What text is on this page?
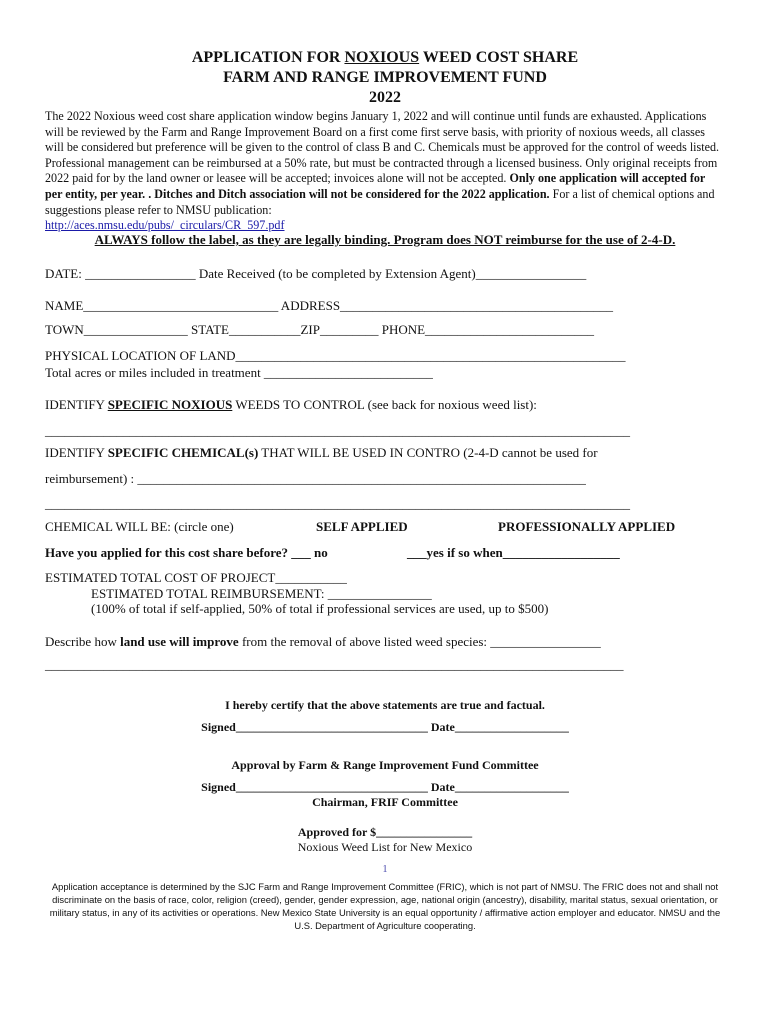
APPLICATION FOR NOXIOUS WEED COST SHARE
FARM AND RANGE IMPROVEMENT FUND
2022
The 2022 Noxious weed cost share application window begins January 1, 2022 and will continue until funds are exhausted. Applications will be reviewed by the Farm and Range Improvement Board on a first come first serve basis, with priority of noxious weeds, all classes will be considered but preference will be given to the control of class B and C. Chemicals must be approved for the control of weeds listed. Professional management can be reimbursed at a 50% rate, but must be contracted through a licensed business. Only original receipts from 2022 paid for by the land owner or leasee will be accepted; invoices alone will not be accepted. Only one application will accepted for per entity, per year. . Ditches and Ditch association will not be considered for the 2022 application. For a list of chemical options and suggestions please refer to NMSU publication:
http://aces.nmsu.edu/pubs/_circulars/CR_597.pdf
ALWAYS follow the label, as they are legally binding. Program does NOT reimburse for the use of 2-4-D.
DATE: _________________ Date Received (to be completed by Extension Agent)_________________
NAME______________________________ ADDRESS__________________________________________
TOWN________________ STATE___________ZIP_________ PHONE__________________________
PHYSICAL LOCATION OF LAND____________________________________________________________
Total acres or miles included in treatment __________________________
IDENTIFY SPECIFIC NOXIOUS WEEDS TO CONTROL (see back for noxious weed list):
__________________________________________________________________________________________
IDENTIFY SPECIFIC CHEMICAL(s) THAT WILL BE USED IN CONTRO (2-4-D cannot be used for
reimbursement) : _____________________________________________________________________
__________________________________________________________________________________________
CHEMICAL WILL BE: (circle one)	SELF APPLIED	PROFESSIONALLY APPLIED
Have you applied for this cost share before? ___ no	___yes if so when__________________
ESTIMATED TOTAL COST OF PROJECT___________
ESTIMATED TOTAL REIMBURSEMENT: ________________
(100% of total if self-applied, 50% of total if professional services are used, up to $500)
Describe how land use will improve from the removal of above listed weed species: _________________
_________________________________________________________________________________________
I hereby certify that the above statements are true and factual.
Signed________________________________ Date___________________
Approval by Farm & Range Improvement Fund Committee
Signed________________________________ Date___________________
Chairman, FRIF Committee
Approved for $________________
Noxious Weed List for New Mexico
1
Application acceptance is determined by the SJC Farm and Range Improvement Committee (FRIC), which is not part of NMSU. The FRIC does not and shall not discriminate on the basis of race, color, religion (creed), gender, gender expression, age, national origin (ancestry), disability, marital status, sexual orientation, or military status, in any of its activities or operations. New Mexico State University is an equal opportunity / affirmative action employer and educator. NMSU and the U.S. Department of Agriculture cooperating.
